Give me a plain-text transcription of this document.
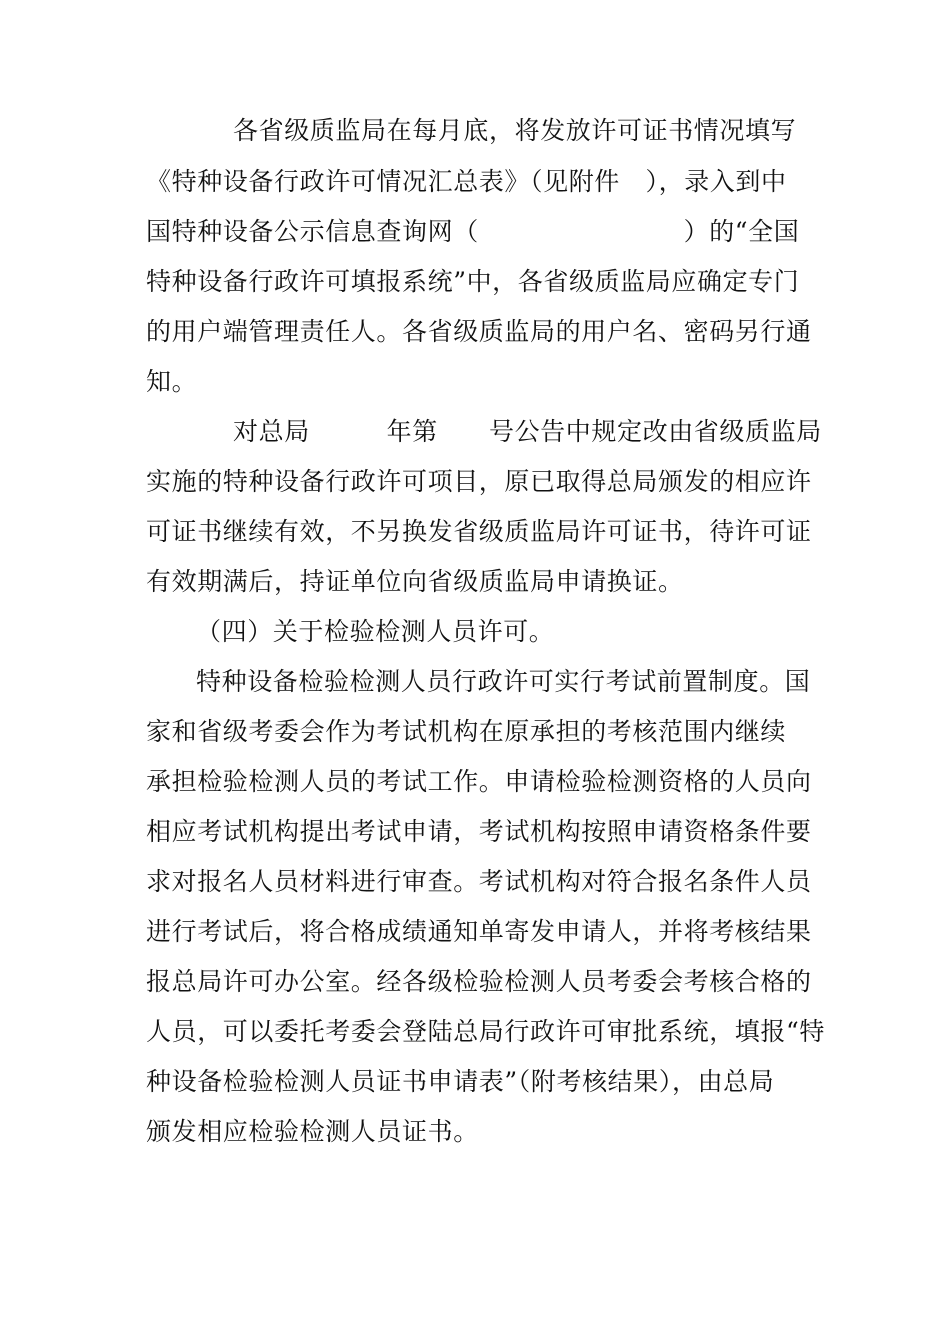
各省级质监局在每月底，将发放许可证书情况填写
《特种设备行政许可情况汇总表》（见附件　），录入到中
国特种设备公示信息查询网（　　　　　　　　）的“全国
特种设备行政许可填报系统”中，各省级质监局应确定专门
的用户端管理责任人。各省级质监局的用户名、密码另行通
知。
对总局　　　年第　　号公告中规定改由省级质监局
实施的特种设备行政许可项目，原已取得总局颁发的相应许
可证书继续有效，不另换发省级质监局许可证书，待许可证
有效期满后，持证单位向省级质监局申请换证。
（四）关于检验检测人员许可。
特种设备检验检测人员行政许可实行考试前置制度。国
家和省级考委会作为考试机构在原承担的考核范围内继续
承担检验检测人员的考试工作。申请检验检测资格的人员向
相应考试机构提出考试申请，考试机构按照申请资格条件要
求对报名人员材料进行审查。考试机构对符合报名条件人员
进行考试后，将合格成绩通知单寄发申请人，并将考核结果
报总局许可办公室。经各级检验检测人员考委会考核合格的
人员，可以委托考委会登陆总局行政许可审批系统，填报“特
种设备检验检测人员证书申请表”（附考核结果），由总局
颁发相应检验检测人员证书。
